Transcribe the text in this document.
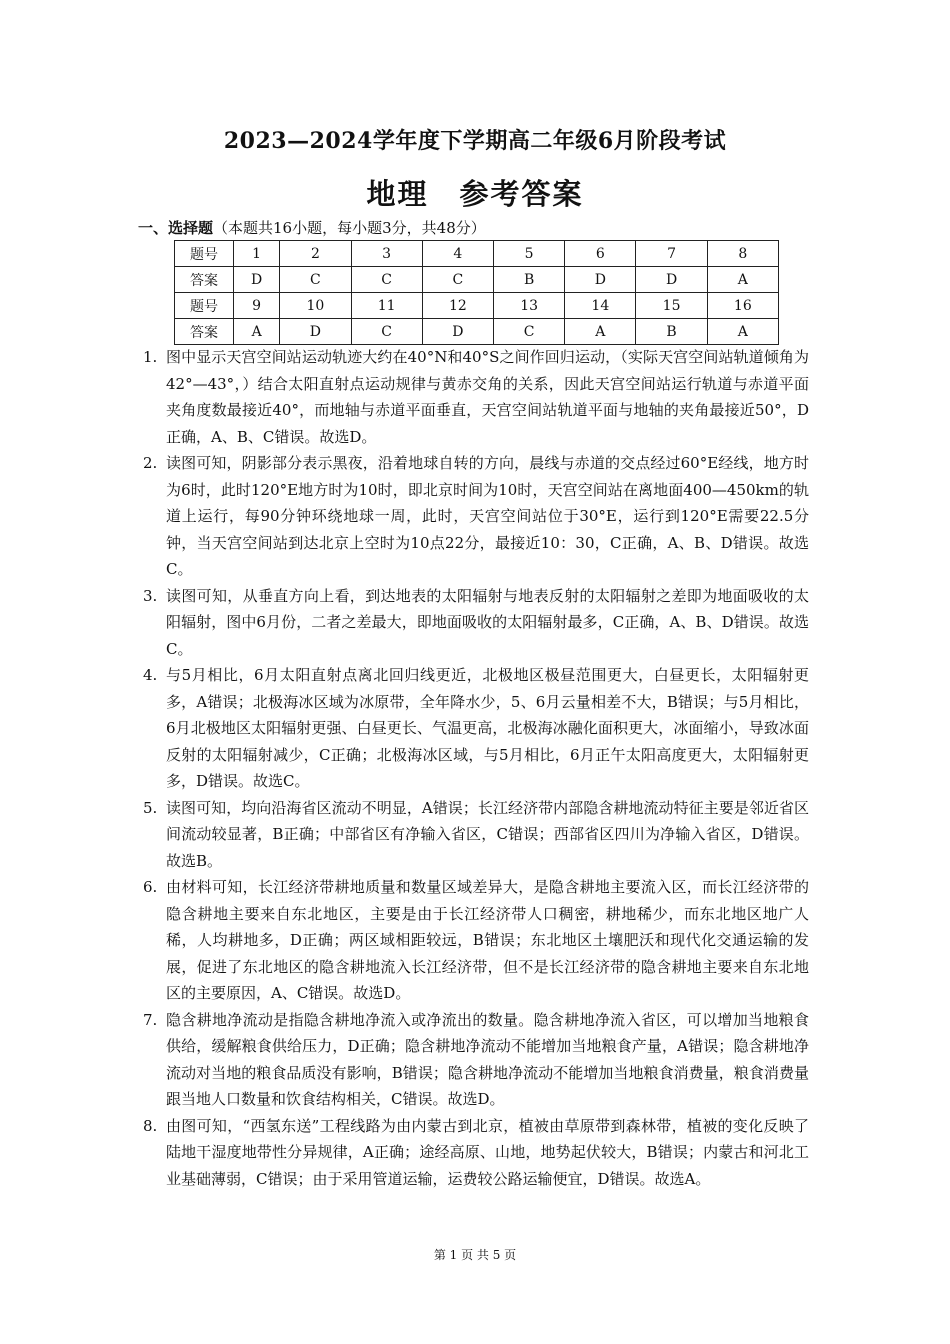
2023—2024学年度下学期高二年级6月阶段考试
地理　参考答案
一、选择题（本题共16小题，每小题3分，共48分）
题号	1	2	3	4	5	6	7	8
答案	D	C	C	C	B	D	D	A
题号	9	10	11	12	13	14	15	16
答案	A	D	C	D	C	A	B	A
1. 图中显示天宫空间站运动轨迹大约在40°N和40°S之间作回归运动，（实际天宫空间站轨道倾角为42°—43°，）结合太阳直射点运动规律与黄赤交角的关系，因此天宫空间站运行轨道与赤道平面夹角度数最接近40°，而地轴与赤道平面垂直，天宫空间站轨道平面与地轴的夹角最接近50°，D正确，A、B、C错误。故选D。
2. 读图可知，阴影部分表示黑夜，沿着地球自转的方向，晨线与赤道的交点经过60°E经线，地方时为6时，此时120°E地方时为10时，即北京时间为10时，天宫空间站在离地面400—450km的轨道上运行，每90分钟环绕地球一周，此时，天宫空间站位于30°E，运行到120°E需要22.5分钟，当天宫空间站到达北京上空时为10点22分，最接近10：30，C正确，A、B、D错误。故选C。
3. 读图可知，从垂直方向上看，到达地表的太阳辐射与地表反射的太阳辐射之差即为地面吸收的太阳辐射，图中6月份，二者之差最大，即地面吸收的太阳辐射最多，C正确，A、B、D错误。故选C。
4. 与5月相比，6月太阳直射点离北回归线更近，北极地区极昼范围更大，白昼更长，太阳辐射更多，A错误；北极海冰区域为冰原带，全年降水少，5、6月云量相差不大，B错误；与5月相比，6月北极地区太阳辐射更强、白昼更长、气温更高，北极海冰融化面积更大，冰面缩小，导致冰面反射的太阳辐射减少，C正确；北极海冰区域，与5月相比，6月正午太阳高度更大，太阳辐射更多，D错误。故选C。
5. 读图可知，均向沿海省区流动不明显，A错误；长江经济带内部隐含耕地流动特征主要是邻近省区间流动较显著，B正确；中部省区有净输入省区，C错误；西部省区四川为净输入省区，D错误。故选B。
6. 由材料可知，长江经济带耕地质量和数量区域差异大，是隐含耕地主要流入区，而长江经济带的隐含耕地主要来自东北地区，主要是由于长江经济带人口稠密，耕地稀少，而东北地区地广人稀，人均耕地多，D正确；两区域相距较远，B错误；东北地区土壤肥沃和现代化交通运输的发展，促进了东北地区的隐含耕地流入长江经济带，但不是长江经济带的隐含耕地主要来自东北地区的主要原因，A、C错误。故选D。
7. 隐含耕地净流动是指隐含耕地净流入或净流出的数量。隐含耕地净流入省区，可以增加当地粮食供给，缓解粮食供给压力，D正确；隐含耕地净流动不能增加当地粮食产量，A错误；隐含耕地净流动对当地的粮食品质没有影响，B错误；隐含耕地净流动不能增加当地粮食消费量，粮食消费量跟当地人口数量和饮食结构相关，C错误。故选D。
8. 由图可知，“西氢东送”工程线路为由内蒙古到北京，植被由草原带到森林带，植被的变化反映了陆地干湿度地带性分异规律，A正确；途经高原、山地，地势起伏较大，B错误；内蒙古和河北工业基础薄弱，C错误；由于采用管道运输，运费较公路运输便宜，D错误。故选A。
第 1 页 共 5 页
